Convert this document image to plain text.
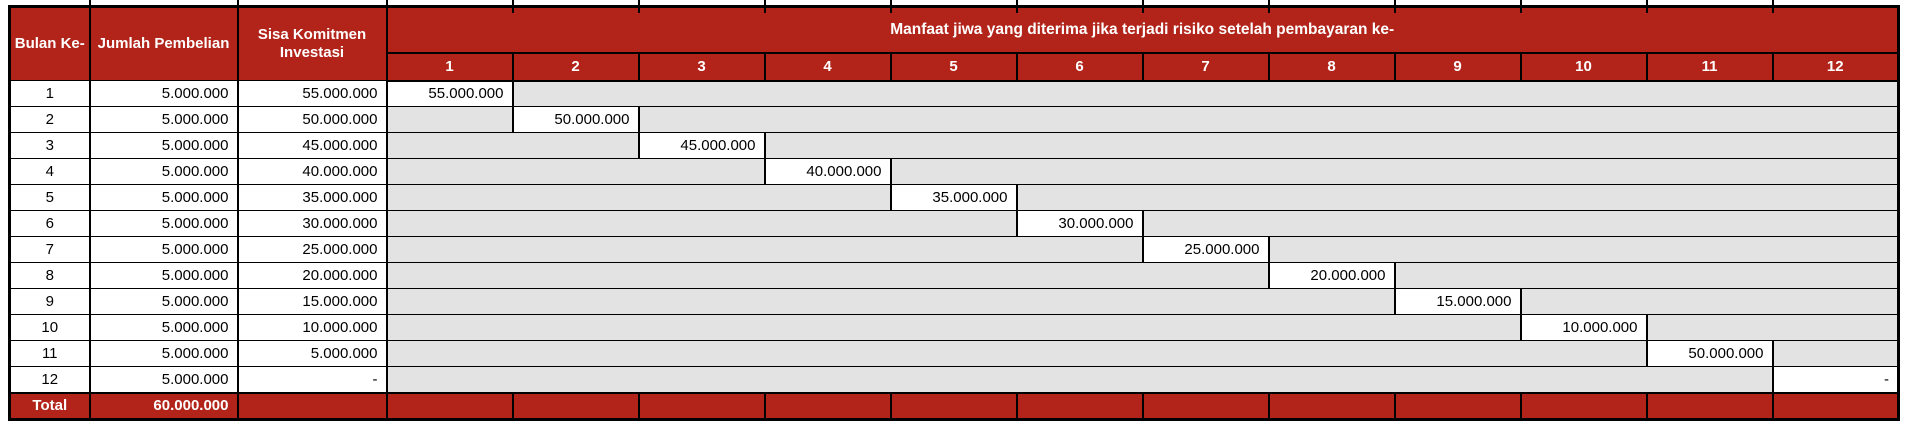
Bulan Ke-	Jumlah Pembelian	Sisa Komitmen Investasi	Manfaat jiwa yang diterima jika terjadi risiko setelah pembayaran ke-											
			1	2	3	4	5	6	7	8	9	10	11	12
1	5.000.000	55.000.000	55.000.000											
2	5.000.000	50.000.000		50.000.000										
3	5.000.000	45.000.000			45.000.000									
4	5.000.000	40.000.000				40.000.000								
5	5.000.000	35.000.000					35.000.000							
6	5.000.000	30.000.000						30.000.000						
7	5.000.000	25.000.000							25.000.000					
8	5.000.000	20.000.000								20.000.000				
9	5.000.000	15.000.000									15.000.000			
10	5.000.000	10.000.000										10.000.000		
11	5.000.000	5.000.000											50.000.000	
12	5.000.000	-												-
Total	60.000.000													
